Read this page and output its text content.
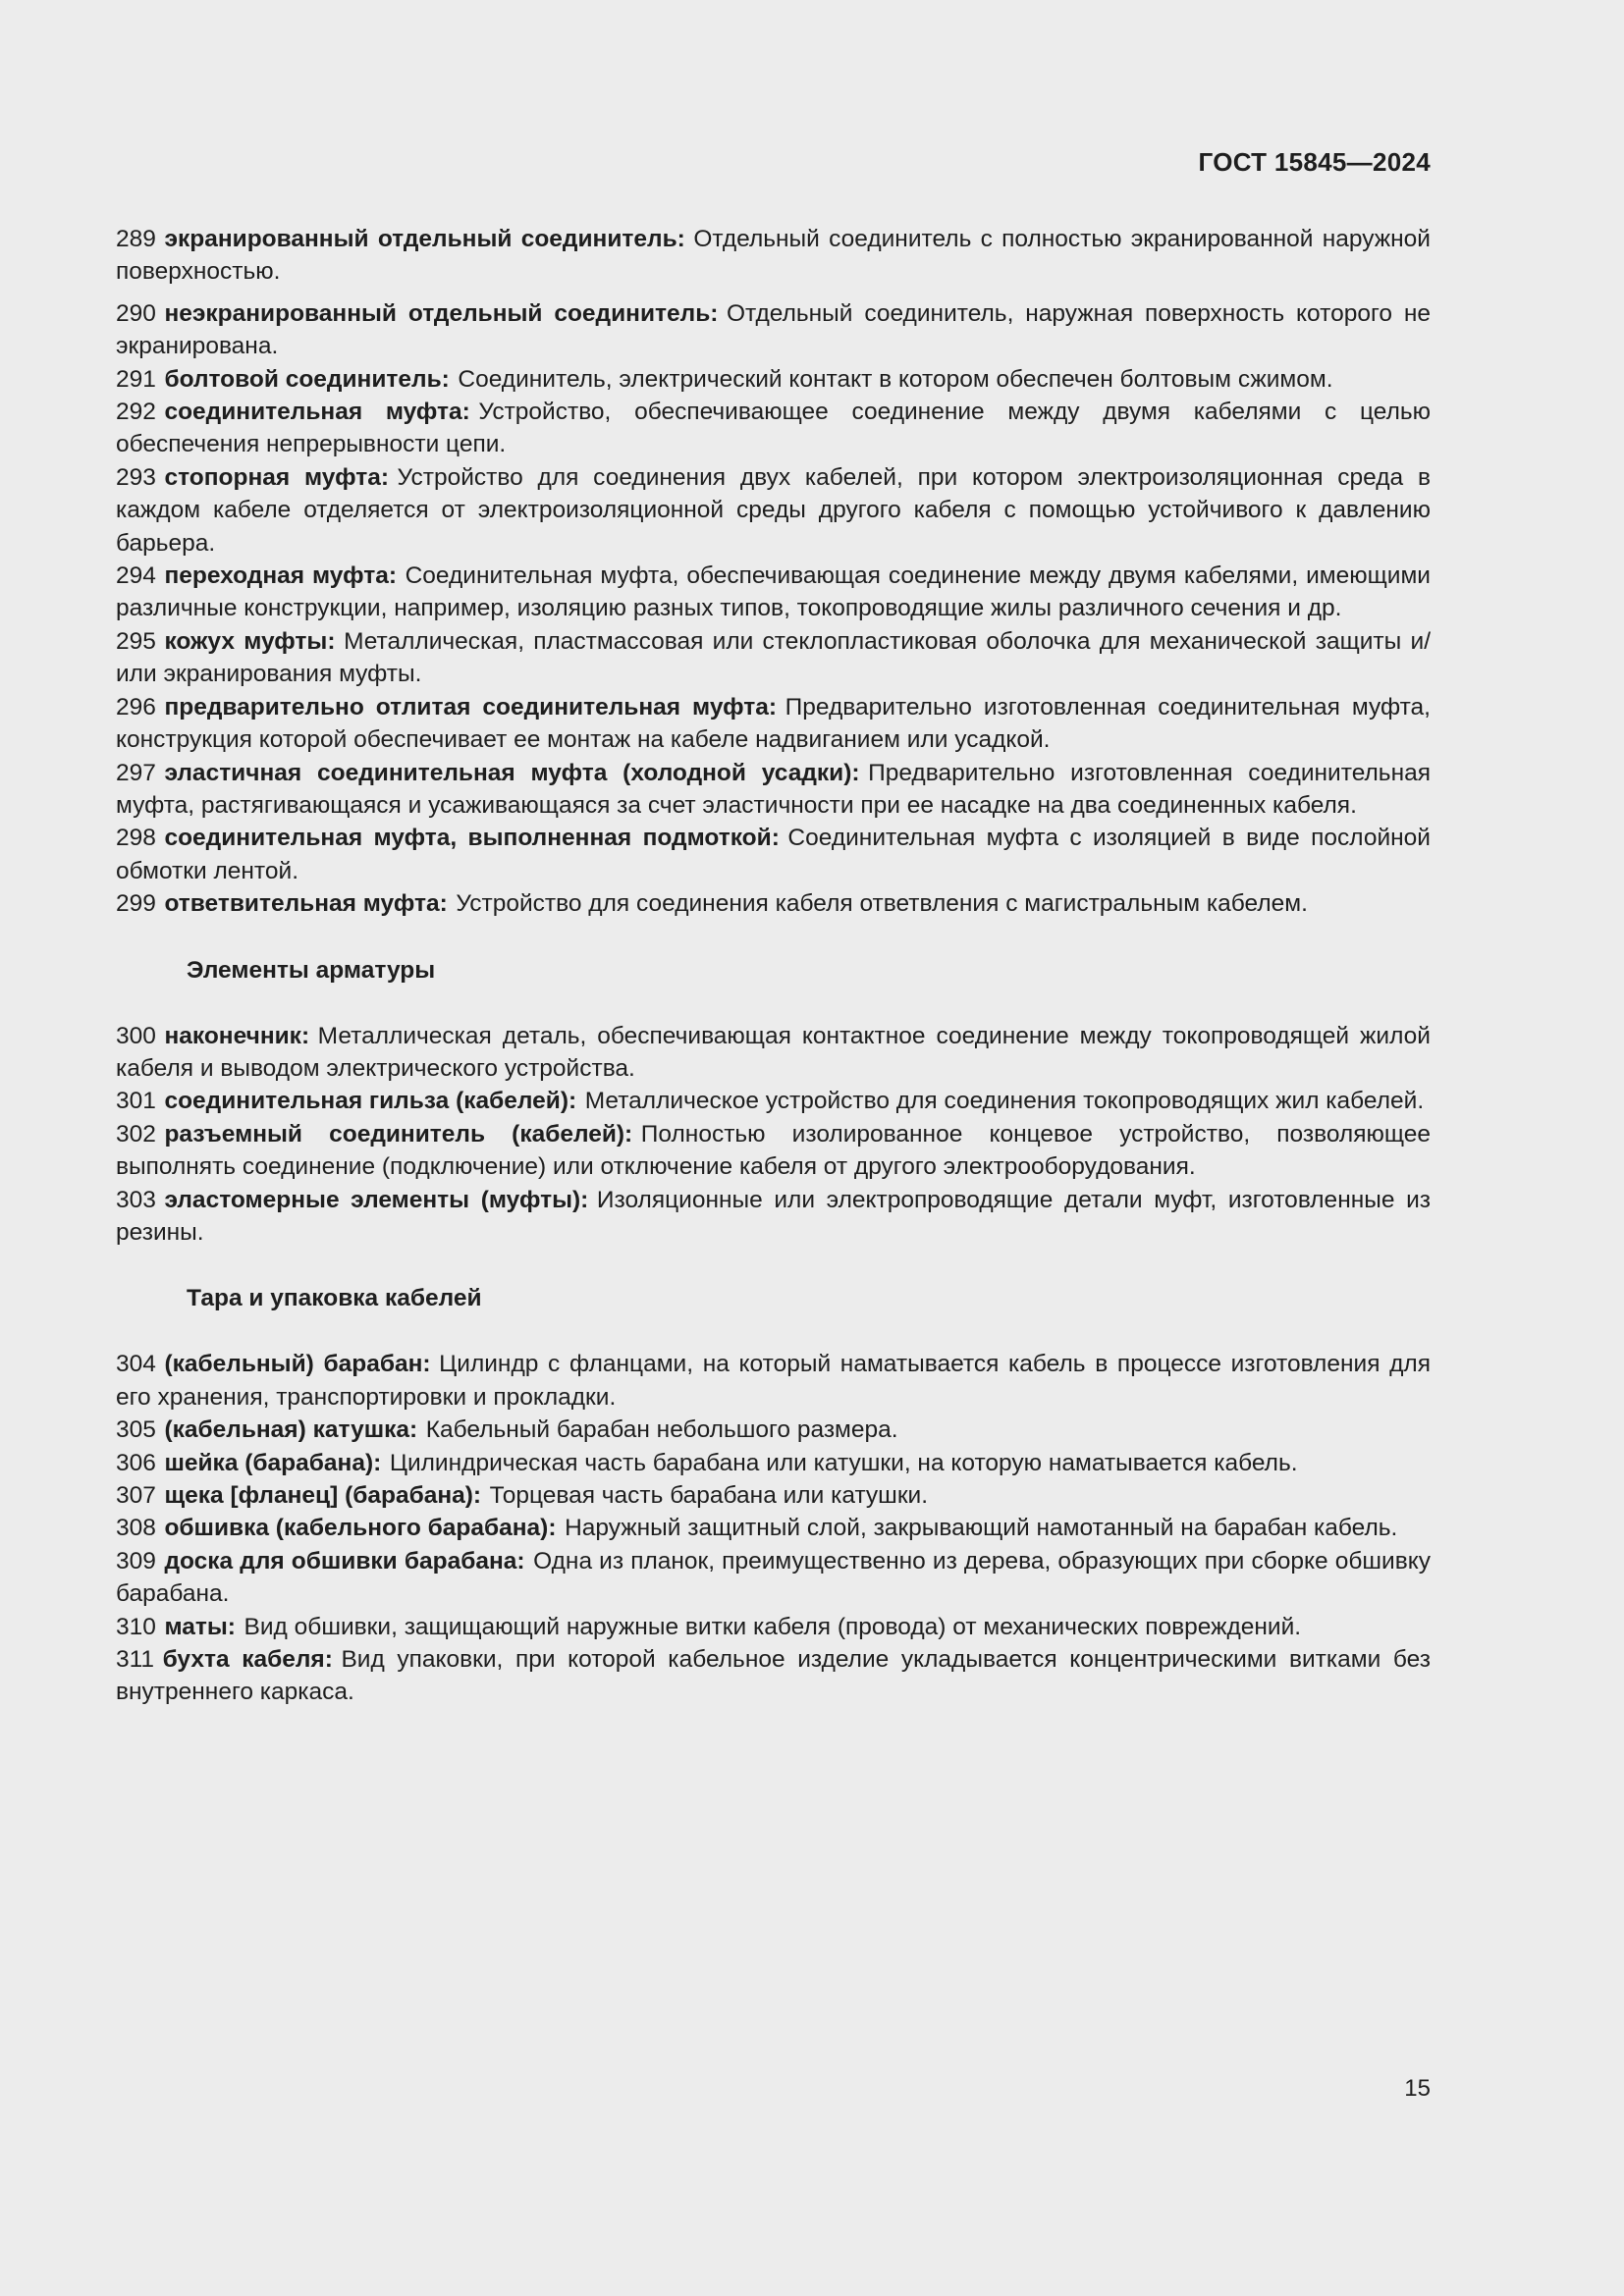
ГОСТ 15845—2024
289 экранированный отдельный соединитель: Отдельный соединитель с полностью экранированной наружной поверхностью.
290 неэкранированный отдельный соединитель: Отдельный соединитель, наружная поверхность которого не экранирована.
291 болтовой соединитель: Соединитель, электрический контакт в котором обеспечен болтовым сжимом.
292 соединительная муфта: Устройство, обеспечивающее соединение между двумя кабелями с целью обеспечения непрерывности цепи.
293 стопорная муфта: Устройство для соединения двух кабелей, при котором электроизоляционная среда в каждом кабеле отделяется от электроизоляционной среды другого кабеля с помощью устойчивого к давлению барьера.
294 переходная муфта: Соединительная муфта, обеспечивающая соединение между двумя кабелями, имеющими различные конструкции, например, изоляцию разных типов, токопроводящие жилы различного сечения и др.
295 кожух муфты: Металлическая, пластмассовая или стеклопластиковая оболочка для механической защиты и/или экранирования муфты.
296 предварительно отлитая соединительная муфта: Предварительно изготовленная соединительная муфта, конструкция которой обеспечивает ее монтаж на кабеле надвиганием или усадкой.
297 эластичная соединительная муфта (холодной усадки): Предварительно изготовленная соединительная муфта, растягивающаяся и усаживающаяся за счет эластичности при ее насадке на два соединенных кабеля.
298 соединительная муфта, выполненная подмоткой: Соединительная муфта с изоляцией в виде послойной обмотки лентой.
299 ответвительная муфта: Устройство для соединения кабеля ответвления с магистральным кабелем.
Элементы арматуры
300 наконечник: Металлическая деталь, обеспечивающая контактное соединение между токопроводящей жилой кабеля и выводом электрического устройства.
301 соединительная гильза (кабелей): Металлическое устройство для соединения токопроводящих жил кабелей.
302 разъемный соединитель (кабелей): Полностью изолированное концевое устройство, позволяющее выполнять соединение (подключение) или отключение кабеля от другого электрооборудования.
303 эластомерные элементы (муфты): Изоляционные или электропроводящие детали муфт, изготовленные из резины.
Тара и упаковка кабелей
304 (кабельный) барабан: Цилиндр с фланцами, на который наматывается кабель в процессе изготовления для его хранения, транспортировки и прокладки.
305 (кабельная) катушка: Кабельный барабан небольшого размера.
306 шейка (барабана): Цилиндрическая часть барабана или катушки, на которую наматывается кабель.
307 щека [фланец] (барабана): Торцевая часть барабана или катушки.
308 обшивка (кабельного барабана): Наружный защитный слой, закрывающий намотанный на барабан кабель.
309 доска для обшивки барабана: Одна из планок, преимущественно из дерева, образующих при сборке обшивку барабана.
310 маты: Вид обшивки, защищающий наружные витки кабеля (провода) от механических повреждений.
311 бухта кабеля: Вид упаковки, при которой кабельное изделие укладывается концентрическими витками без внутреннего каркаса.
15
